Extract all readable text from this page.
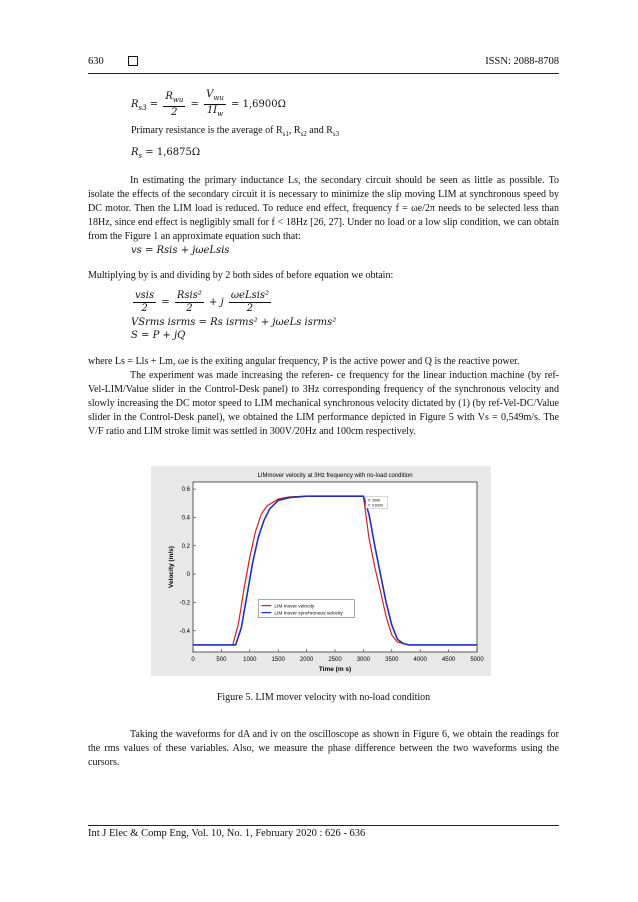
630	ISSN: 2088-8708
$R_{s3} = \frac{R_{wu}}{2} = \frac{V_{wu}}{1I_w} = 1,6900\Omega$
Primary resistance is the average of $R_{s1}$, $R_{s2}$ and $R_{s3}$
$R_s = 1,6875\Omega$
In estimating the primary inductance Ls, the secondary circuit should be seen as little as possible. To isolate the effects of the secondary circuit it is necessary to minimize the slip moving LIM at synchronous speed by DC motor. Then the LIM load is reduced. To reduce end effect, frequency f = ωe/2π needs to be selected less than 18Hz, since end effect is negligibly small for f < 18Hz [26, 27]. Under no load or a low slip condition, we can obtain from the Figure 1 an approximate equation such that:
vs = Rsis + jωeLsis
Multiplying by is and dividing by 2 both sides of before equation we obtain:
$\frac{\text{vsis}}{2} = \frac{\text{Rsis²}}{2} + j \frac{\text{ωeLsis²}}{2}$
VSrms isrms = Rs isrms² + jωeLs isrms²
S = P + jQ
where Ls = Lls + Lm, ωe is the exiting angular frequency, P is the active power and Q is the reactive power.
The experiment was made increasing the referen- ce frequency for the linear induction machine (by ref-Vel-LIM/Value slider in the Control-Desk panel) to 3Hz corresponding frequency of the synchronous velocity and slowly increasing the DC motor speed to LIM mechanical synchronous velocity dictated by (1) (by ref-Vel-DC/Value slider in the Control-Desk panel), we obtained the LIM performance depicted in Figure 5 with Vs = 0,549m/s. The V/F ratio and LIM stroke limit was settled in 300V/20Hz and 100cm respectively.
0	500	1000	1500	2000	2500	3000	3500	4000	4500	5000
-0.4
-0.2
0
0.2
0.4
0.6
LIMmover velocity at 3Hz frequency with no-load condition
Time (m s)
Velocity (m/s)
X: 3006
Y: 0.5343
LIM mover velocity
LIM mover synchronous velocity
Figure 5. LIM mover velocity with no-load condition
Taking the waveforms for dA and iv on the oscilloscope as shown in Figure 6, we obtain the readings for the rms values of these variables. Also, we measure the phase difference between the two waveforms using the cursors.
Int J Elec & Comp Eng, Vol. 10, No. 1, February 2020 : 626 - 636
